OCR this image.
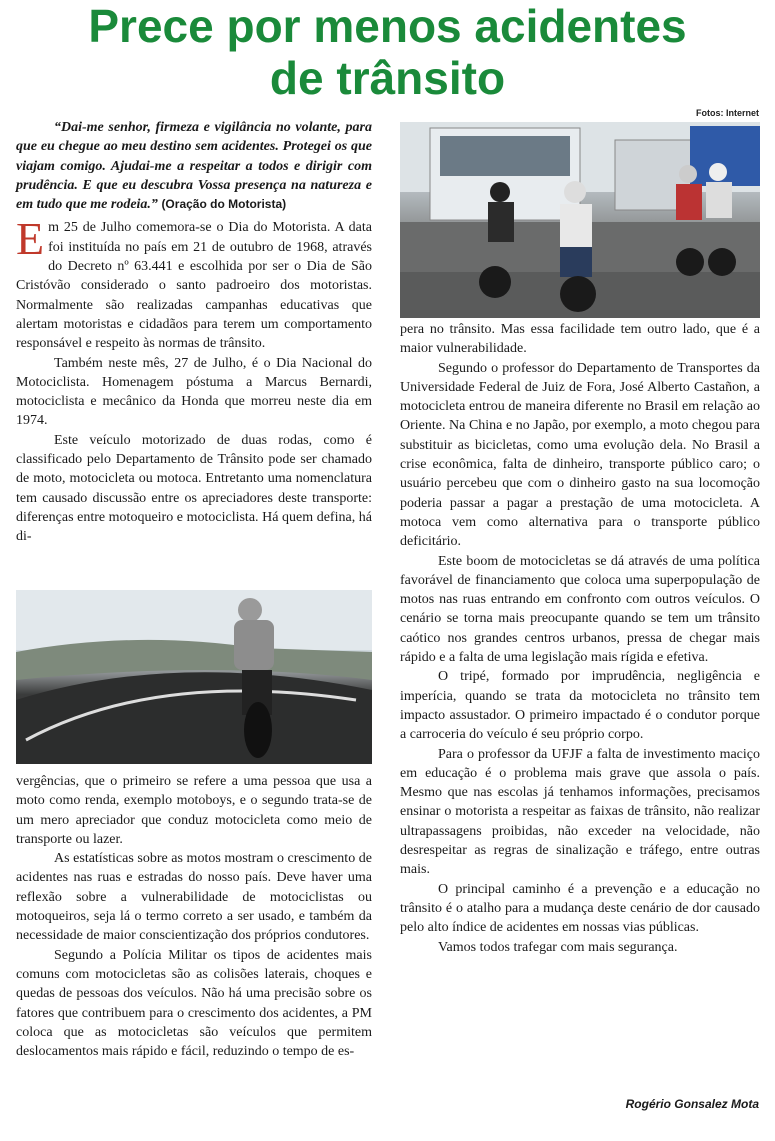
Prece por menos acidentes
de trânsito
Fotos: Internet

“Dai-me senhor, firmeza e vigilância no volante, para que eu chegue ao meu destino sem acidentes. Protegei os que viajam comigo. Ajudai-me a respeitar a todos e dirigir com prudência. E que eu descubra Vossa presença na natureza e em tudo que me rodeia.” (Oração do Motorista)

Em 25 de Julho comemora-se o Dia do Motorista. A data foi instituída no país em 21 de outubro de 1968, através do Decreto nº 63.441 e escolhida por ser o Dia de São Cristóvão considerado o santo padroeiro dos motoristas. Normalmente são realizadas campanhas educativas que alertam motoristas e cidadãos para terem um comportamento responsável e respeito às normas de trânsito.

Também neste mês, 27 de Julho, é o Dia Nacional do Motociclista. Homenagem póstuma a Marcus Bernardi, motociclista e mecânico da Honda que morreu neste dia em 1974.

Este veículo motorizado de duas rodas, como é classificado pelo Departamento de Trânsito pode ser chamado de moto, motocicleta ou motoca. Entretanto uma nomenclatura tem causado discussão entre os apreciadores deste transporte: diferenças entre motoqueiro e motociclista. Há quem defina, há di-

vergências, que o primeiro se refere a uma pessoa que usa a moto como renda, exemplo motoboys, e o segundo trata-se de um mero apreciador que conduz motocicleta como meio de transporte ou lazer.

As estatísticas sobre as motos mostram o crescimento de acidentes nas ruas e estradas do nosso país. Deve haver uma reflexão sobre a vulnerabilidade de motociclistas ou motoqueiros, seja lá o termo correto a ser usado, e também da necessidade de maior conscientização dos próprios condutores.

Segundo a Polícia Militar os tipos de acidentes mais comuns com motocicletas são as colisões laterais, choques e quedas de pessoas dos veículos. Não há uma precisão sobre os fatores que contribuem para o crescimento dos acidentes, a PM coloca que as motocicletas são veículos que permitem deslocamentos mais rápido e fácil, reduzindo o tempo de es-

pera no trânsito. Mas essa facilidade tem outro lado, que é a maior vulnerabilidade.

Segundo o professor do Departamento de Transportes da Universidade Federal de Juiz de Fora, José Alberto Castañon, a motocicleta entrou de maneira diferente no Brasil em relação ao Oriente. Na China e no Japão, por exemplo, a moto chegou para substituir as bicicletas, como uma evolução dela. No Brasil a crise econômica, falta de dinheiro, transporte público caro; o usuário percebeu que com o dinheiro gasto na sua locomoção poderia passar a pagar a prestação de uma motocicleta. A motoca vem como alternativa para o transporte público deficitário.

Este boom de motocicletas se dá através de uma política favorável de financiamento que coloca uma superpopulação de motos nas ruas entrando em confronto com outros veículos. O cenário se torna mais preocupante quando se tem um trânsito caótico nos grandes centros urbanos, pressa de chegar mais rápido e a falta de uma legislação mais rígida e efetiva.

O tripé, formado por imprudência, negligência e imperícia, quando se trata da motocicleta no trânsito tem impacto assustador. O primeiro impactado é o condutor porque a carroceria do veículo é seu próprio corpo.

Para o professor da UFJF a falta de investimento maciço em educação é o problema mais grave que assola o país. Mesmo que nas escolas já tenhamos informações, precisamos ensinar o motorista a respeitar as faixas de trânsito, não realizar ultrapassagens proibidas, não exceder na velocidade, não desrespeitar as regras de sinalização e tráfego, entre outras mais.

O principal caminho é a prevenção e a educação no trânsito é o atalho para a mudança deste cenário de dor causado pelo alto índice de acidentes em nossas vias públicas.

Vamos todos trafegar com mais segurança.

Rogério Gonsalez Mota
